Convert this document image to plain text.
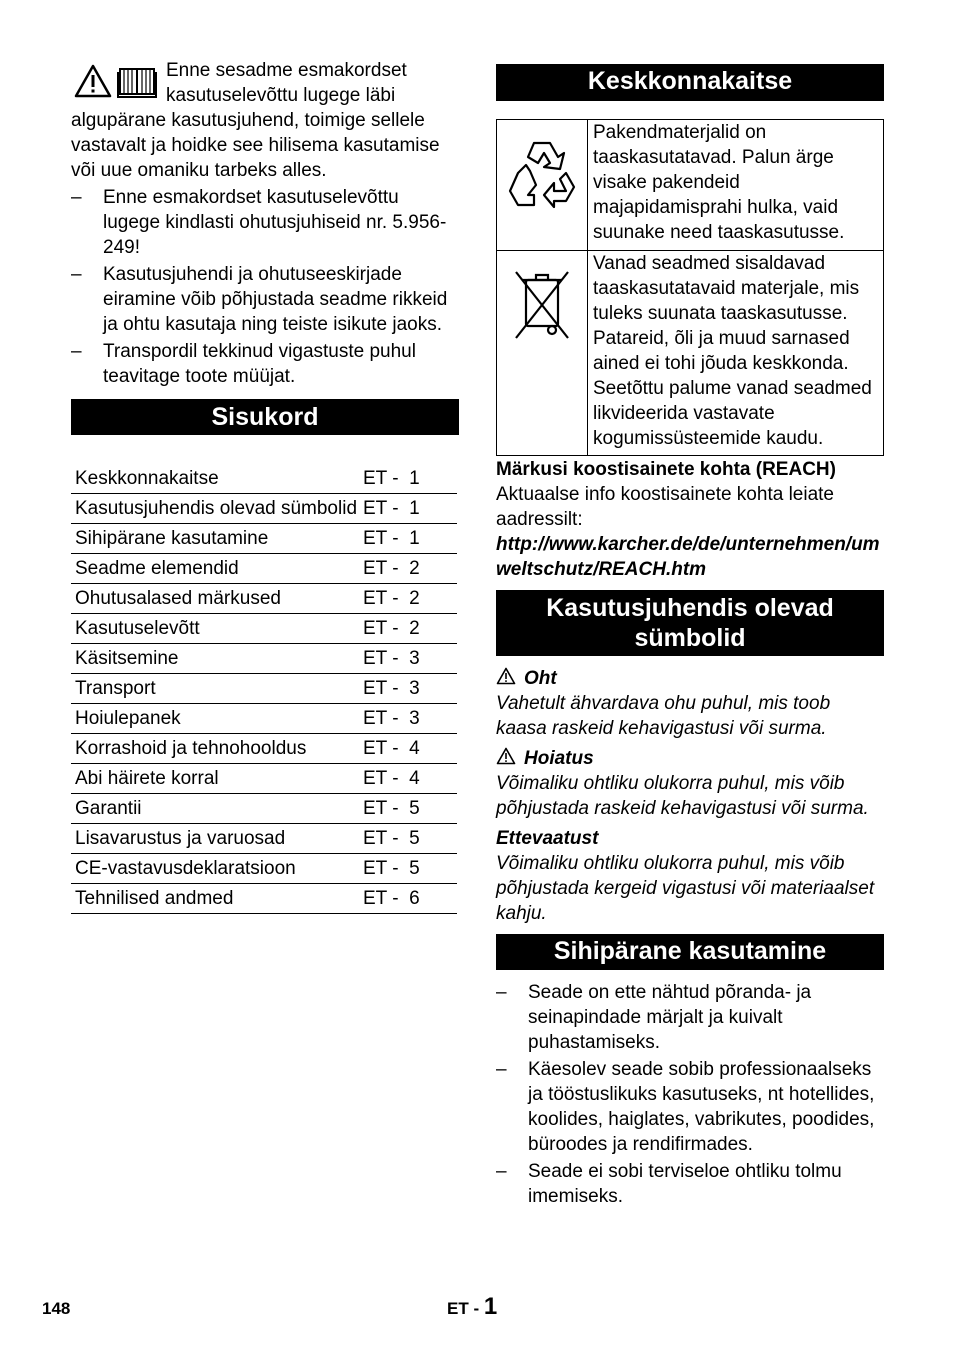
Enne sesadme esmakordset kasutuselevõttu lugege läbi algupärane kasutusjuhend, toimige sellele vastavalt ja hoidke see hilisema kasutamise või uue omaniku tarbeks alles.

– Enne esmakordset kasutuselevõttu lugege kindlasti ohutusjuhiseid nr. 5.956-249!
– Kasutusjuhendi ja ohutuseeskirjade eiramine võib põhjustada seadme rikkeid ja ohtu kasutaja ning teiste isikute jaoks.
– Transpordil tekkinud vigastuste puhul teavitage toote müüjat.
Sisukord
Keskkonnakaitse	ET -  1
Kasutusjuhendis olevad sümbolid	ET -  1
Sihipärane kasutamine	ET -  1
Seadme elemendid	ET -  2
Ohutusalased märkused	ET -  2
Kasutuselevõtt	ET -  2
Käsitsemine	ET -  3
Transport	ET -  3
Hoiulepanek	ET -  3
Korrashoid ja tehnohooldus	ET -  4
Abi häirete korral	ET -  4
Garantii	ET -  5
Lisavarustus ja varuosad	ET -  5
CE-vastavusdeklaratsioon	ET -  5
Tehnilised andmed	ET -  6
Keskkonnakaitse
	Pakendmaterjalid on taaskasutatavad. Palun ärge visake pakendeid majapidamisprahi hulka, vaid suunake need taaskasutusse.
	Vanad seadmed sisaldavad taaskasutatavaid materjale, mis tuleks suunata taaskasutusse. Patareid, õli ja muud sarnased ained ei tohi jõuda keskkonda. Seetõttu palume vanad seadmed likvideerida vastavate kogumissüsteemide kaudu.

Märkusi koostisainete kohta (REACH)

Aktuaalse info koostisainete kohta leiate aadressilt:

http://www.karcher.de/de/unternehmen/umweltschutz/REACH.htm

Kasutusjuhendis olevad sümbolid

Oht

Vahetult ähvardava ohu puhul, mis toob kaasa raskeid kehavigastusi või surma.

Hoiatus

Võimaliku ohtliku olukorra puhul, mis võib põhjustada raskeid kehavigastusi või surma.

Ettevaatust

Võimaliku ohtliku olukorra puhul, mis võib põhjustada kergeid vigastusi või materiaalset kahju.

Sihipärane kasutamine
– Seade on ette nähtud põranda- ja seinapindade märjalt ja kuivalt puhastamiseks.
– Käesolev seade sobib professionaalseks ja tööstuslikuks kasutuseks, nt hotellides, koolides, haiglates, vabrikutes, poodides, büroodes ja rendifirmades.
– Seade ei sobi terviseloe ohtliku tolmu imemiseks.
148	ET - 1
